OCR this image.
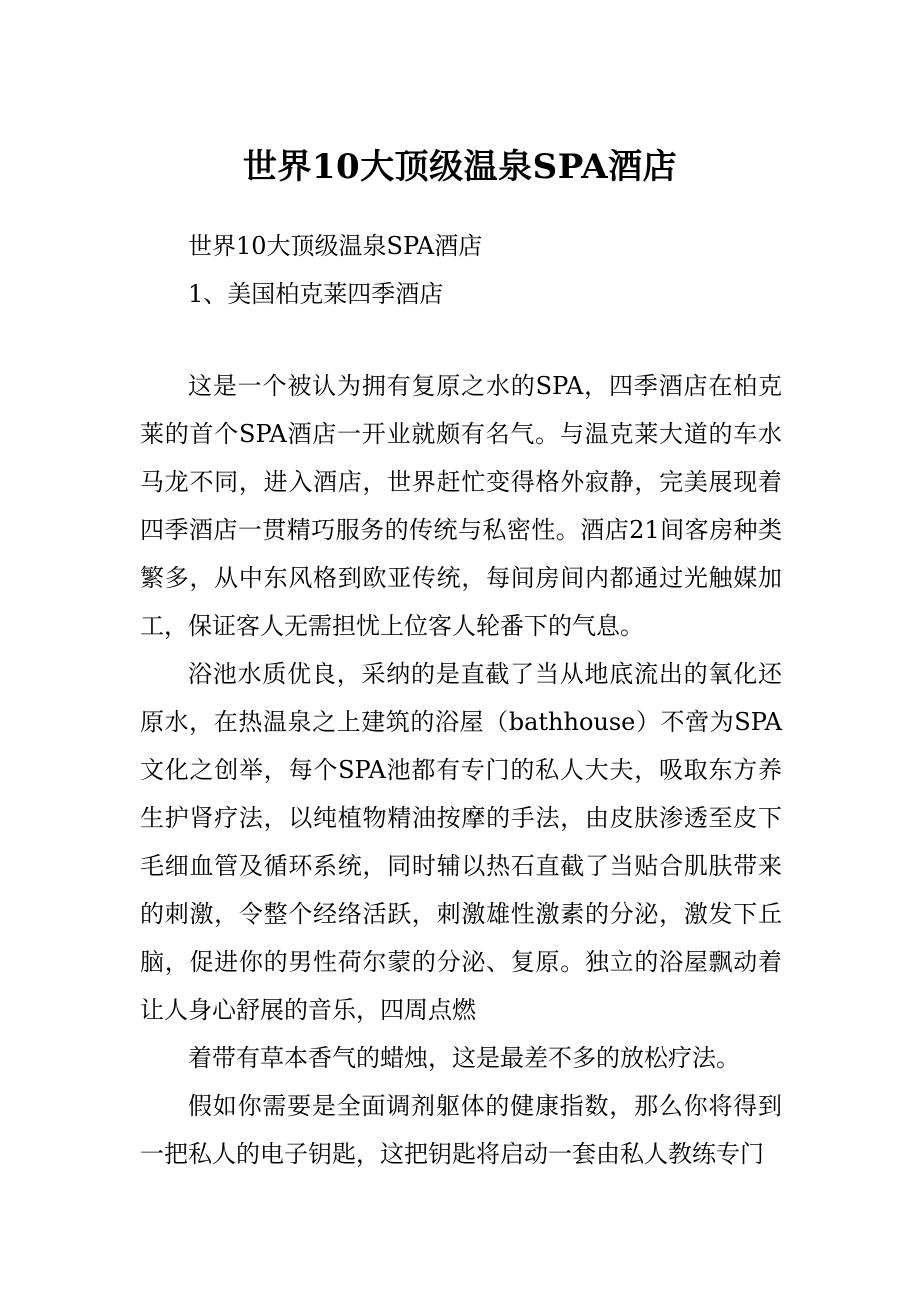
世界10大顶级温泉SPA酒店

世界10大顶级温泉SPA酒店

1、美国柏克莱四季酒店

这是一个被认为拥有复原之水的SPA，四季酒店在柏克莱的首个SPA酒店一开业就颇有名气。与温克莱大道的车水马龙不同，进入酒店，世界赶忙变得格外寂静，完美展现着四季酒店一贯精巧服务的传统与私密性。酒店21间客房种类繁多，从中东风格到欧亚传统，每间房间内都通过光触媒加工，保证客人无需担忧上位客人轮番下的气息。

浴池水质优良，采纳的是直截了当从地底流出的氧化还原水，在热温泉之上建筑的浴屋（bathhouse）不啻为SPA文化之创举，每个SPA池都有专门的私人大夫，吸取东方养生护肾疗法，以纯植物精油按摩的手法，由皮肤渗透至皮下毛细血管及循环系统，同时辅以热石直截了当贴合肌肤带来的刺激，令整个经络活跃，刺激雄性激素的分泌，激发下丘脑，促进你的男性荷尔蒙的分泌、复原。独立的浴屋飘动着让人身心舒展的音乐，四周点燃

着带有草本香气的蜡烛，这是最差不多的放松疗法。

假如你需要是全面调剂躯体的健康指数，那么你将得到一把私人的电子钥匙，这把钥匙将启动一套由私人教练专门
